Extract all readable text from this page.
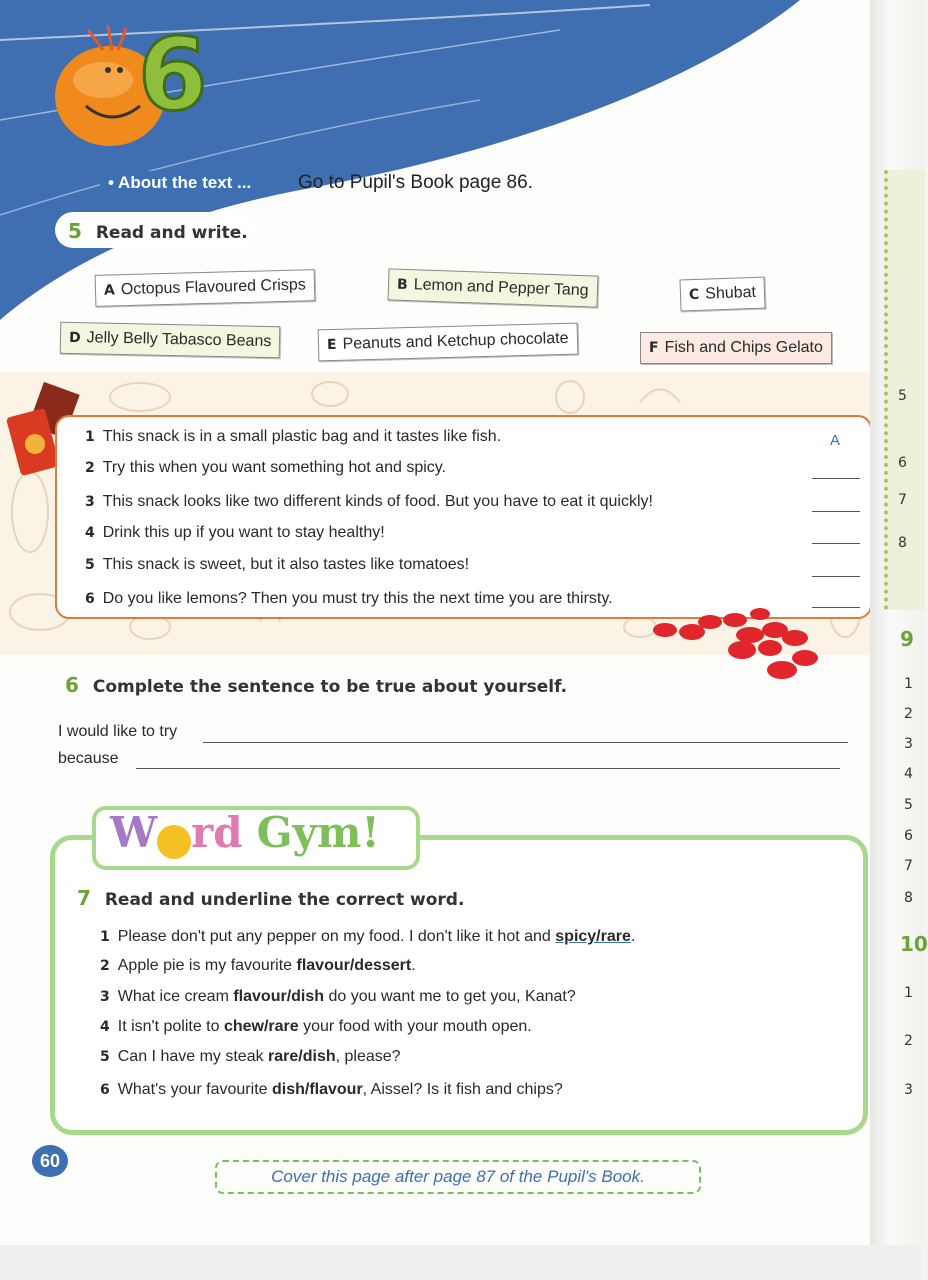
6
• About the text ...	Go to Pupil's Book page 86.
5 Read and write.
A Octopus Flavoured Crisps	B Lemon and Pepper Tang	C Shubat
D Jelly Belly Tabasco Beans	E Peanuts and Ketchup chocolate	F Fish and Chips Gelato
1 This snack is in a small plastic bag and it tastes like fish.	A
2 Try this when you want something hot and spicy.
3 This snack looks like two different kinds of food. But you have to eat it quickly!
4 Drink this up if you want to stay healthy!
5 This snack is sweet, but it also tastes like tomatoes!
6 Do you like lemons? Then you must try this the next time you are thirsty.
6 Complete the sentence to be true about yourself.
I would like to try
because
W o rd Gym!
7 Read and underline the correct word.
1 Please don't put any pepper on my food. I don't like it hot and spicy/rare.
2 Apple pie is my favourite flavour/dessert.
3 What ice cream flavour/dish do you want me to get you, Kanat?
4 It isn't polite to chew/rare your food with your mouth open.
5 Can I have my steak rare/dish, please?
6 What's your favourite dish/flavour, Aissel? Is it fish and chips?
60
Cover this page after page 87 of the Pupil's Book.
5
6
7
8
9
1
2
3
4
5
6
7
8
10
1
2
3
